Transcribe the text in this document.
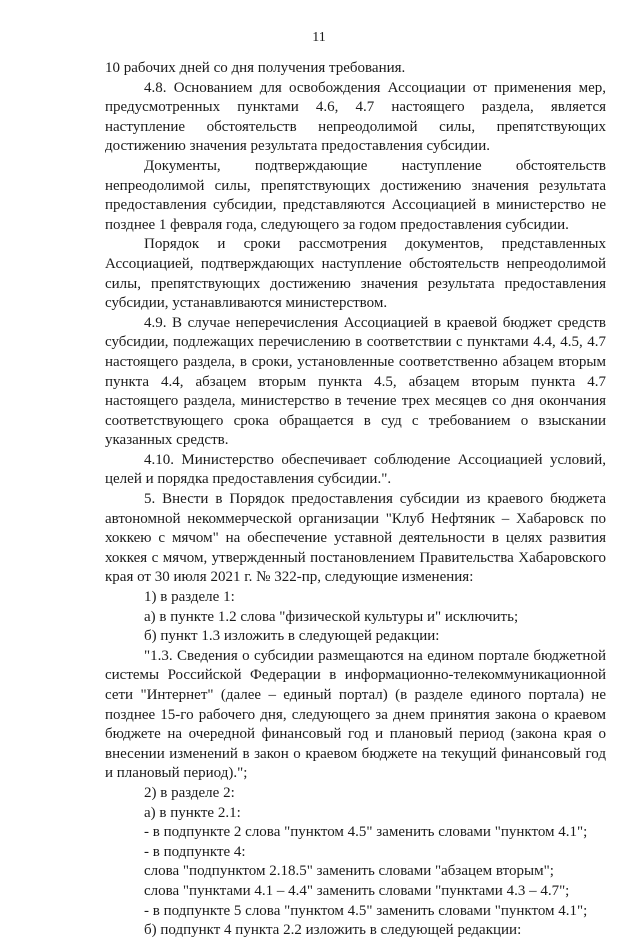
11

10 рабочих дней со дня получения требования.

4.8. Основанием для освобождения Ассоциации от применения мер, предусмотренных пунктами 4.6, 4.7 настоящего раздела, является наступление обстоятельств непреодолимой силы, препятствующих достижению значения результата предоставления субсидии.

Документы, подтверждающие наступление обстоятельств непреодолимой силы, препятствующих достижению значения результата предоставления субсидии, представляются Ассоциацией в министерство не позднее 1 февраля года, следующего за годом предоставления субсидии.

Порядок и сроки рассмотрения документов, представленных Ассоциацией, подтверждающих наступление обстоятельств непреодолимой силы, препятствующих достижению значения результата предоставления субсидии, устанавливаются министерством.

4.9. В случае неперечисления Ассоциацией в краевой бюджет средств субсидии, подлежащих перечислению в соответствии с пунктами 4.4, 4.5, 4.7 настоящего раздела, в сроки, установленные соответственно абзацем вторым пункта 4.4, абзацем вторым пункта 4.5, абзацем вторым пункта 4.7 настоящего раздела, министерство в течение трех месяцев со дня окончания соответствующего срока обращается в суд с требованием о взыскании указанных средств.

4.10. Министерство обеспечивает соблюдение Ассоциацией условий, целей и порядка предоставления субсидии.".

5. Внести в Порядок предоставления субсидии из краевого бюджета автономной некоммерческой организации "Клуб Нефтяник – Хабаровск по хоккею с мячом" на обеспечение уставной деятельности в целях развития хоккея с мячом, утвержденный постановлением Правительства Хабаровского края от 30 июля 2021 г. № 322-пр, следующие изменения:

1) в разделе 1:

а) в пункте 1.2 слова "физической культуры и" исключить;

б) пункт 1.3 изложить в следующей редакции:

"1.3. Сведения о субсидии размещаются на едином портале бюджетной системы Российской Федерации в информационно-телекоммуникационной сети "Интернет" (далее – единый портал) (в разделе единого портала) не позднее 15-го рабочего дня, следующего за днем принятия закона о краевом бюджете на очередной финансовый год и плановый период (закона края о внесении изменений в закон о краевом бюджете на текущий финансовый год и плановый период).";

2) в разделе 2:

а) в пункте 2.1:

- в подпункте 2 слова "пунктом 4.5" заменить словами "пунктом 4.1";

- в подпункте 4:

слова "подпунктом 2.18.5" заменить словами "абзацем вторым";

слова "пунктами 4.1 – 4.4" заменить словами "пунктами 4.3 – 4.7";

- в подпункте 5 слова "пунктом 4.5" заменить словами "пунктом 4.1";

б) подпункт 4 пункта 2.2 изложить в следующей редакции:
